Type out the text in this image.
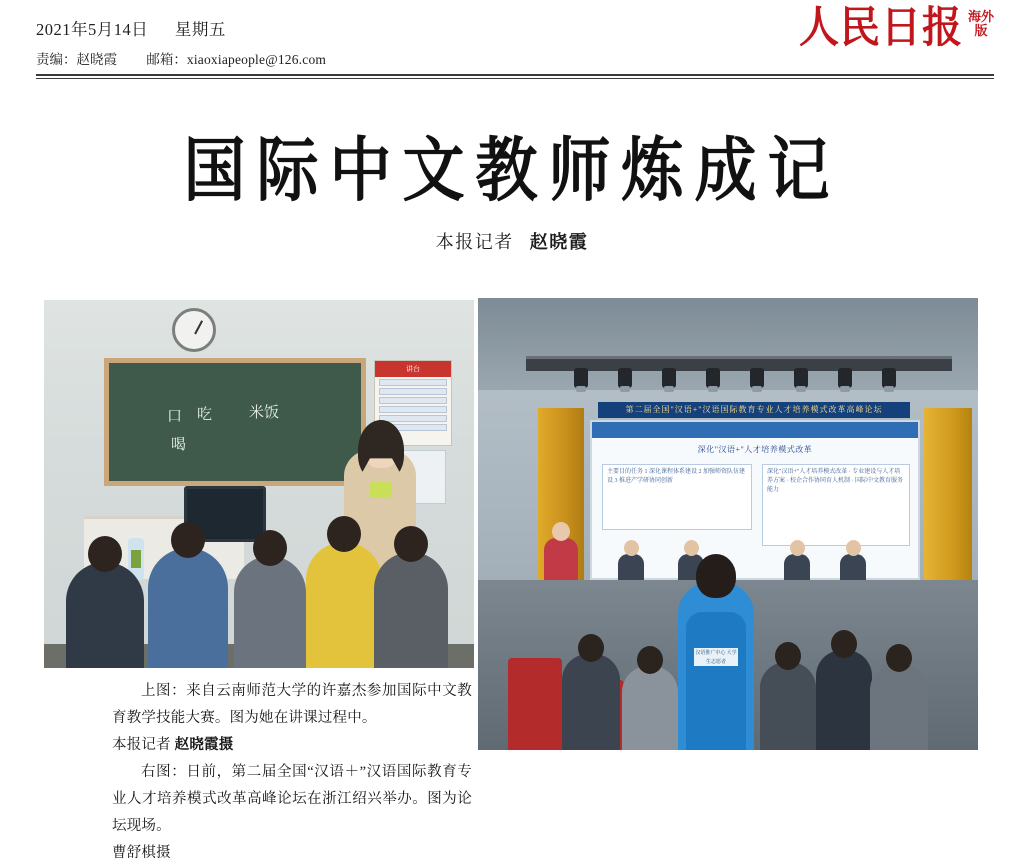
2021年5月14日 星期五
责编：赵晓霞 邮箱：xiaoxiapeople@126.com
人民日报 海外版
国际中文教师炼成记
本报记者 赵晓霞
口 吃
喝
米饭
讲台
第二届全国"汉语+"汉语国际教育专业人才培养模式改革高峰论坛
深化"汉语+"人才培养模式改革
主要目的任务 1 深化课程体系建设 2 加强师资队伍建设 3 推进产学研协同创新
深化"汉语+"人才培养模式改革 · 专业建设与人才培养方案 · 校企合作协同育人机制 · 国际中文教育服务能力
汉语推广中心 大学生志愿者

上图：来自云南师范大学的许嘉杰参加国际中文教育教学技能大赛。图为她在讲课过程中。

本报记者 赵晓霞摄

右图：日前，第二届全国“汉语＋”汉语国际教育专业人才培养模式改革高峰论坛在浙江绍兴举办。图为论坛现场。

曹舒棋摄
